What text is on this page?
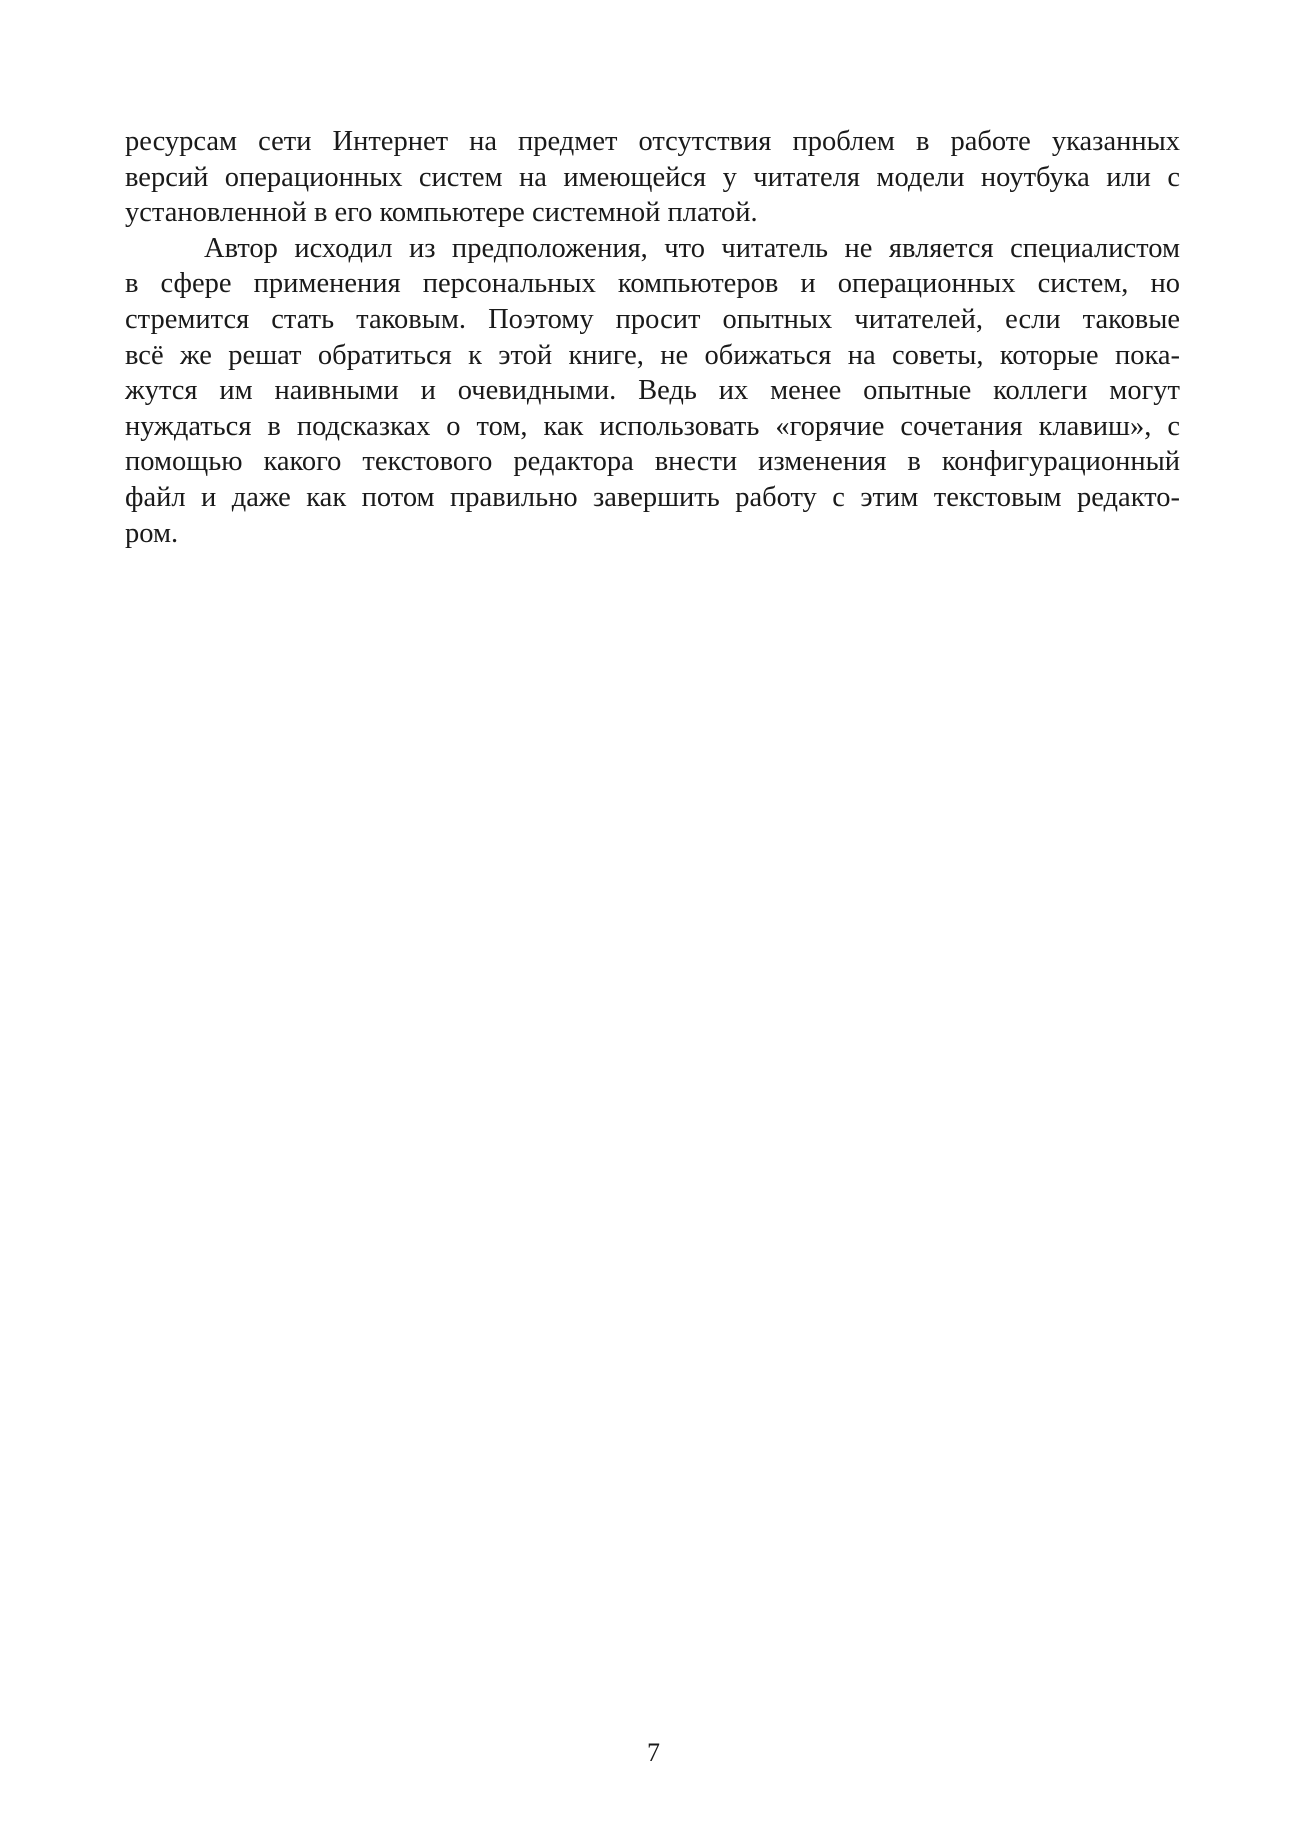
ресурсам сети Интернет на предмет отсутствия проблем в работе указанных
версий операционных систем на имеющейся у читателя модели ноутбука или с
установленной в его компьютере системной платой.
Автор исходил из предположения, что читатель не является специалистом
в сфере применения персональных компьютеров и операционных систем, но
стремится стать таковым. Поэтому просит опытных читателей, если таковые
всё же решат обратиться к этой книге, не обижаться на советы, которые пока-
жутся им наивными и очевидными. Ведь их менее опытные коллеги могут
нуждаться в подсказках о том, как использовать «горячие сочетания клавиш», с
помощью какого текстового редактора внести изменения в конфигурационный
файл и даже как потом правильно завершить работу с этим текстовым редакто-
ром.
7
